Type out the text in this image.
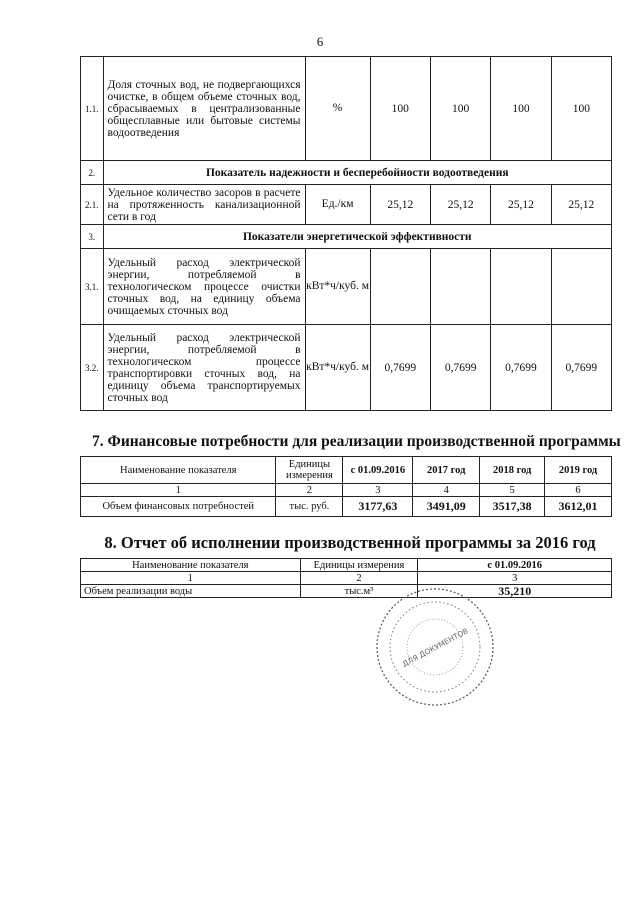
6
1.1.	Доля сточных вод, не подвергающихся очистке, в общем объеме сточных вод, сбрасываемых в централизованные общесплавные или бытовые системы водоотведения	%	100	100	100	100
2.	Показатель надежности и бесперебойности водоотведения					
2.1.	Удельное количество засоров в расчете на протяженность канализационной сети в год	Ед./км	25,12	25,12	25,12	25,12
3.	Показатели энергетической эффективности					
3.1.	Удельный расход электрической энергии, потребляемой в технологическом процессе очистки сточных вод, на единицу объема очищаемых сточных вод	кВт*ч/куб. м				
3.2.	Удельный расход электрической энергии, потребляемой в технологическом процессе транспортировки сточных вод, на единицу объема транспортируемых сточных вод	кВт*ч/куб. м	0,7699	0,7699	0,7699	0,7699
7. Финансовые потребности для реализации производственной программы
Наименование показателя	Единицы измерения	с 01.09.2016	2017 год	2018 год	2019 год
1	2	3	4	5	6
Объем финансовых потребностей	тыс. руб.	3177,63	3491,09	3517,38	3612,01
8. Отчет об исполнении производственной программы за 2016 год
Наименование показателя	Единицы измерения	с 01.09.2016
1	2	3
Объем реализации воды	тыс.м³	35,210
ДЛЯ ДОКУМЕНТОВ
